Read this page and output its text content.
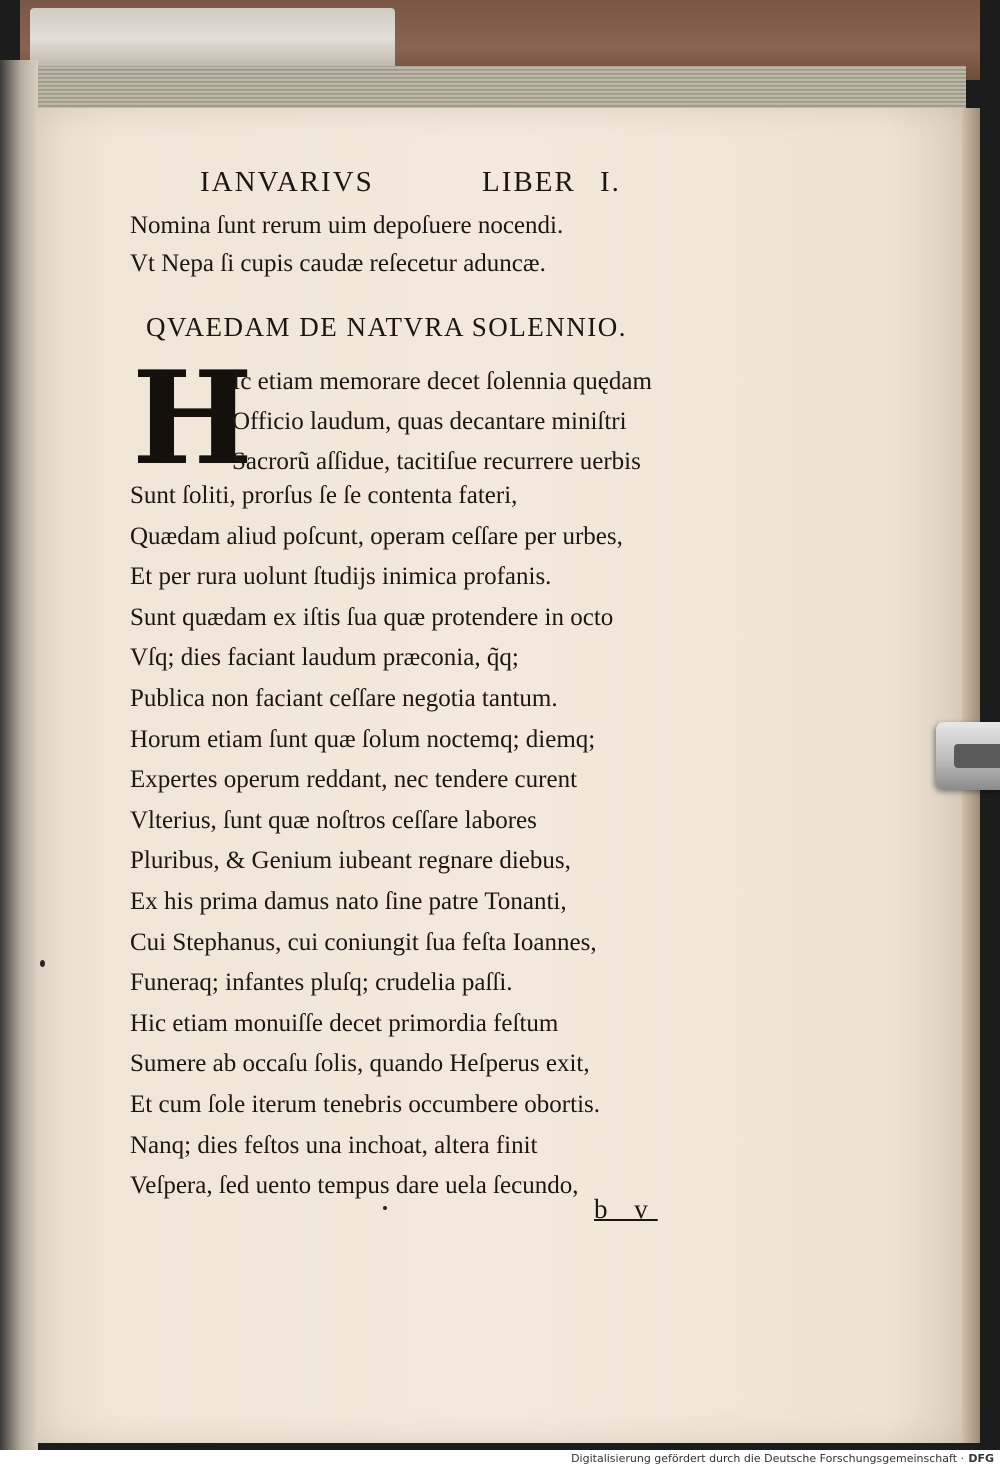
IANVARIVS	LIBER I.
Nomina ſunt rerum uim depoſuere nocendi.
Vt Nepa ſi cupis caudæ reſecetur aduncæ.
QVAEDAM DE NATVRA SOLENNIO.
H
Ic etiam memorare decet ſolennia quędam
Officio laudum, quas decantare miniſtri
Sacrorũ aſſidue, tacitiſue recurrere uerbis
Sunt ſoliti, prorſus ſe ſe contenta fateri,
Quædam aliud poſcunt, operam ceſſare per urbes,
Et per rura uolunt ſtudijs inimica profanis.
Sunt quædam ex iſtis ſua quæ protendere in octo
Vſq; dies faciant laudum præconia, q̃q;
Publica non faciant ceſſare negotia tantum.
Horum etiam ſunt quæ ſolum noctemq; diemq;
Expertes operum reddant, nec tendere curent
Vlterius, ſunt quæ noſtros ceſſare labores
Pluribus, & Genium iubeant regnare diebus,
Ex his prima damus nato ſine patre Tonanti,
Cui Stephanus, cui coniungit ſua feſta Ioannes,
Funeraq; infantes pluſq; crudelia paſſi.
Hic etiam monuiſſe decet primordia feſtum
Sumere ab occaſu ſolis, quando Heſperus exit,
Et cum ſole iterum tenebris occumbere obortis.
Nanq; dies feſtos una inchoat, altera finit
Veſpera, ſed uento tempus dare uela ſecundo,
b v
Digitalisierung gefördert durch die Deutsche Forschungsgemeinschaft · DFG
